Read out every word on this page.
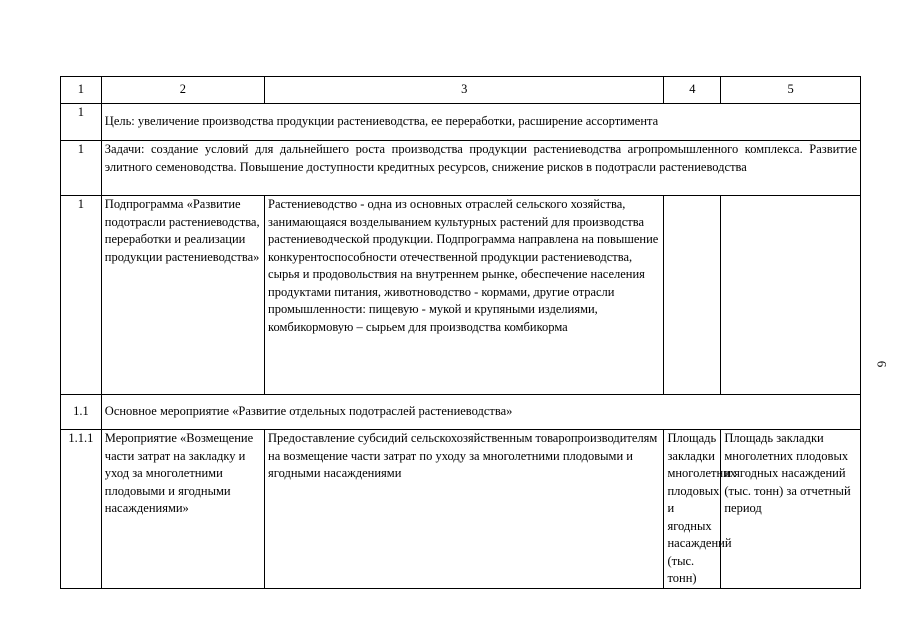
1	2	3	4	5
1	Цель: увеличение производства продукции растениеводства, ее переработки, расширение ассортимента			
1	Задачи: создание условий для дальнейшего роста производства продукции растениеводства агропромышленного комплекса. Развитие элитного семеноводства. Повышение доступности кредитных ресурсов, снижение рисков в подотрасли растениеводства			
1	Подпрограмма «Развитие подотрасли растениеводства, переработки и реализации продукции растениеводства»	Растениеводство - одна из основных отраслей сельского хозяйства, занимающаяся возделыванием культурных растений для производства растениеводческой продукции. Подпрограмма направлена на повышение конкурентоспособности отечественной продукции растениеводства, сырья и продовольствия на внутреннем рынке, обеспечение населения продуктами питания, животноводство - кормами, другие отрасли промышленности: пищевую - мукой и крупяными изделиями, комбикормовую – сырьем для производства комбикорма		
1.1	Основное мероприятие «Развитие отдельных подотраслей растениеводства»			
1.1.1	Мероприятие «Возмещение части затрат на закладку и уход за многолетними плодовыми и ягодными насаждениями»	Предоставление субсидий сельскохозяйственным товаропроизводителям на возмещение части затрат по уходу за многолетними плодовыми и ягодными насаждениями	Площадь закладки многолетних плодовых и ягодных насаждений (тыс. тонн)	Площадь закладки многолетних плодовых и ягодных насаждений (тыс. тонн) за отчетный период
6
